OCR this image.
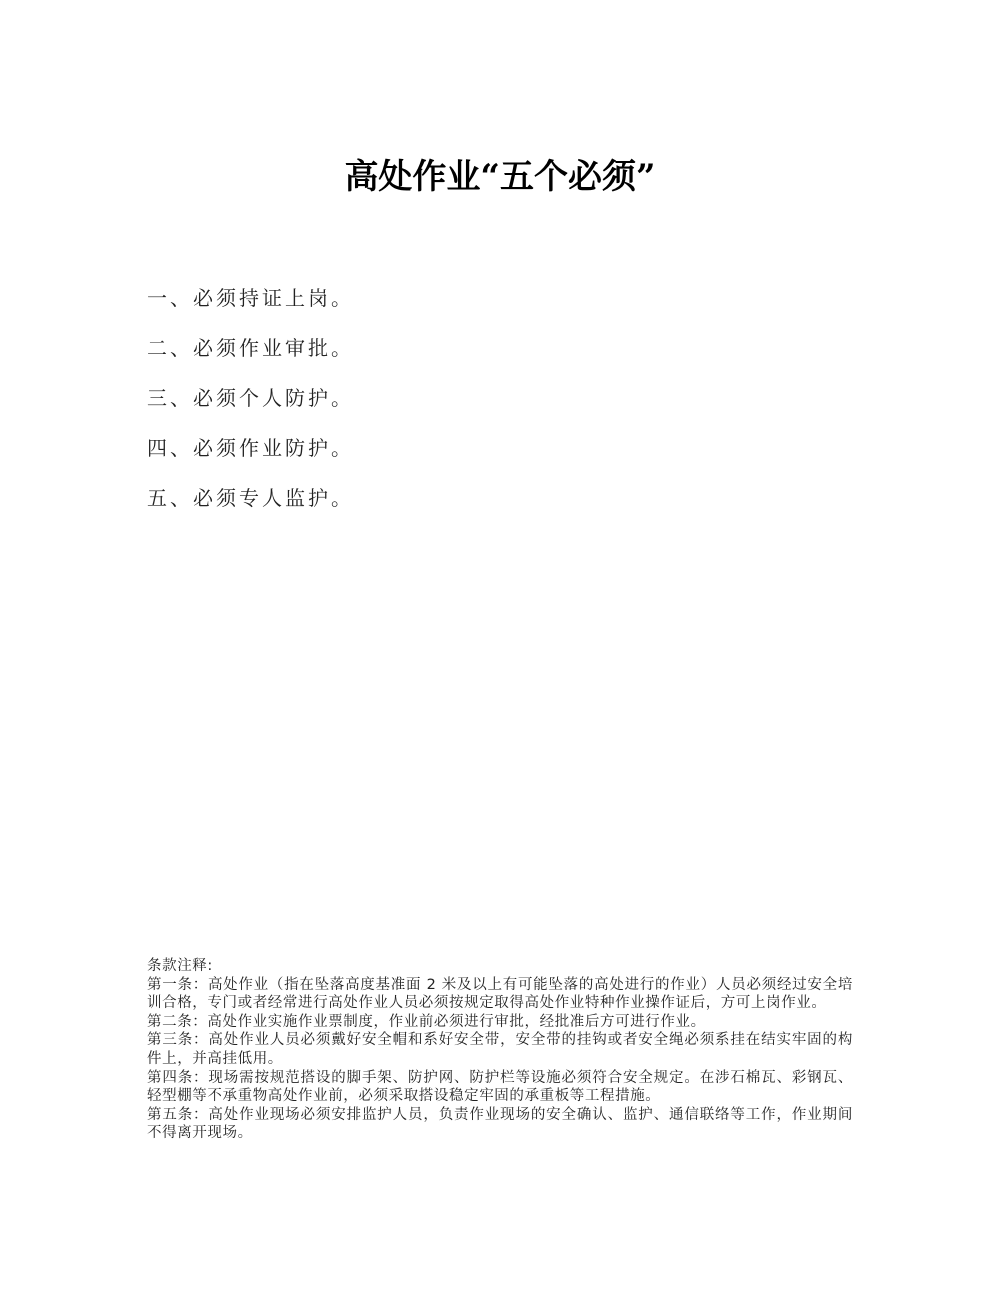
高处作业“五个必须”
一、必须持证上岗。
二、必须作业审批。
三、必须个人防护。
四、必须作业防护。
五、必须专人监护。

条款注释:

第一条：高处作业（指在坠落高度基准面 2 米及以上有可能坠落的高处进行的作业）人员必须经过安全培训合格，专门或者经常进行高处作业人员必须按规定取得高处作业特种作业操作证后，方可上岗作业。

第二条：高处作业实施作业票制度，作业前必须进行审批，经批准后方可进行作业。

第三条：高处作业人员必须戴好安全帽和系好安全带，安全带的挂钩或者安全绳必须系挂在结实牢固的构件上，并高挂低用。

第四条：现场需按规范搭设的脚手架、防护网、防护栏等设施必须符合安全规定。在涉石棉瓦、彩钢瓦、轻型棚等不承重物高处作业前，必须采取搭设稳定牢固的承重板等工程措施。

第五条：高处作业现场必须安排监护人员，负责作业现场的安全确认、监护、通信联络等工作，作业期间不得离开现场。
